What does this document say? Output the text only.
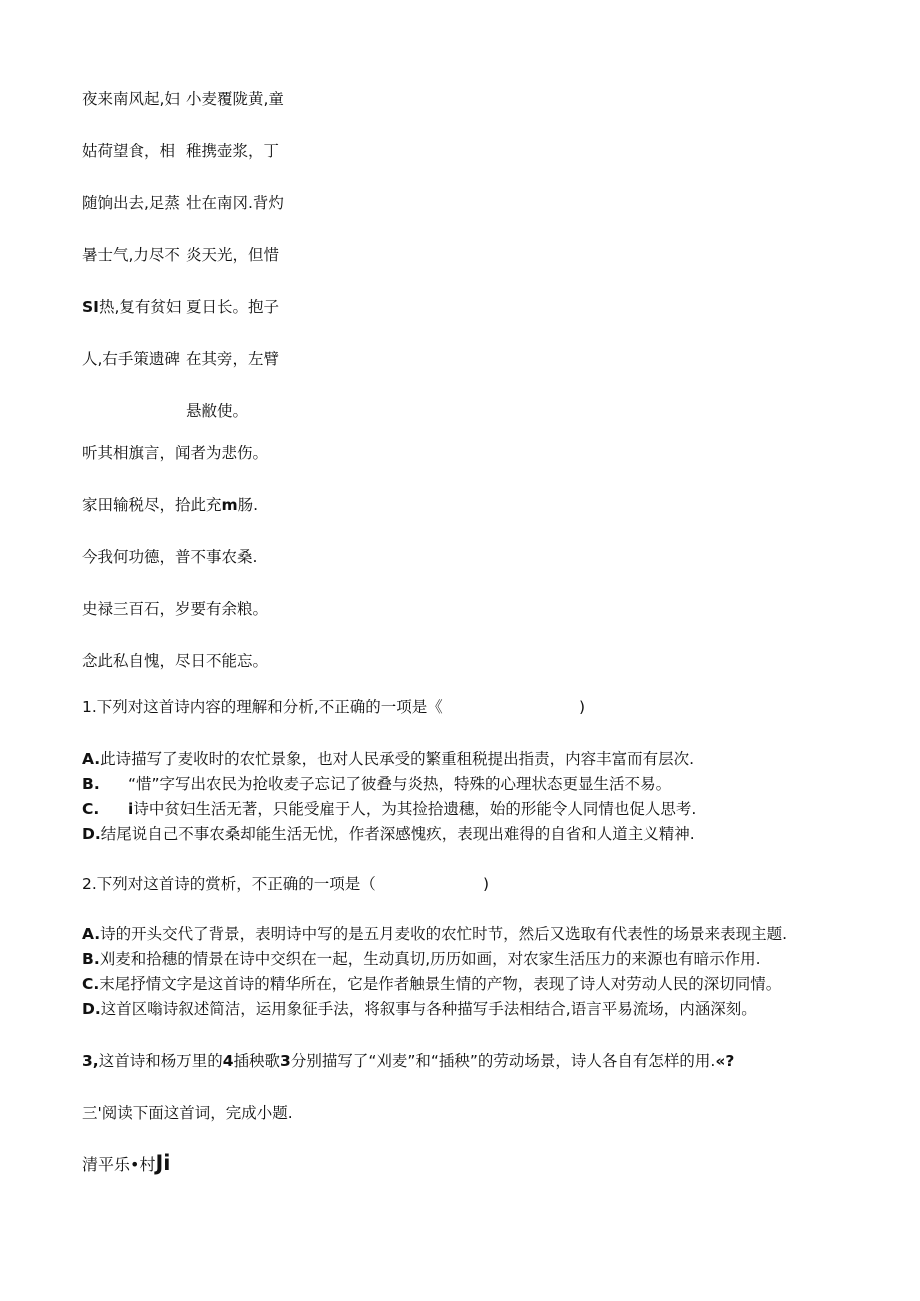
夜来南风起,妇 小麦覆陇黄,童
姑荷望食，相 稚携壶浆，丁
随饷出去,足蒸 壮在南冈.背灼
暑士气,力尽不 炎天光，但惜
SI热,复有贫妇 夏日长。抱子
人,右手策遗碑 在其旁，左臂
悬敝使。
听其相旗言，闻者为悲伤。
家田输税尽，拾此充m肠.
今我何功德，普不事农桑.
史禄三百石，岁要有余粮。
念此私自愧，尽日不能忘。
1.下列对这首诗内容的理解和分析,不正确的一项是《	)
A.此诗描写了麦收时的农忙景象，也对人民承受的繁重租税提出指责，内容丰富而有层次.
B. “惜”字写出农民为抢收麦子忘记了彼叠与炎热，特殊的心理状态更显生活不易。
C. i诗中贫妇生活无著，只能受雇于人，为其捡拾遗穗，始的形能令人同情也促人思考.
D.结尾说自己不事农桑却能生活无忧，作者深感愧疚，表现出难得的自省和人道主义精神.
2.下列对这首诗的赏析，不正确的一项是（	)
A.诗的开头交代了背景，表明诗中写的是五月麦收的农忙时节，然后又选取有代表性的场景来表现主题.
B.刈麦和拾穗的情景在诗中交织在一起，生动真切,历历如画，对农家生活压力的来源也有暗示作用.
C.末尾抒情文字是这首诗的精华所在，它是作者触景生情的产物，表现了诗人对劳动人民的深切同情。
D.这首区嗡诗叙述简洁，运用象征手法，将叙事与各种描写手法相结合,语言平易流场，内涵深刻。
3,这首诗和杨万里的4插秧歌3分别描写了“刈麦”和“插秧”的劳动场景，诗人各自有怎样的用.«?
三'阅读下面这首词，完成小题.
清平乐•村Ji
